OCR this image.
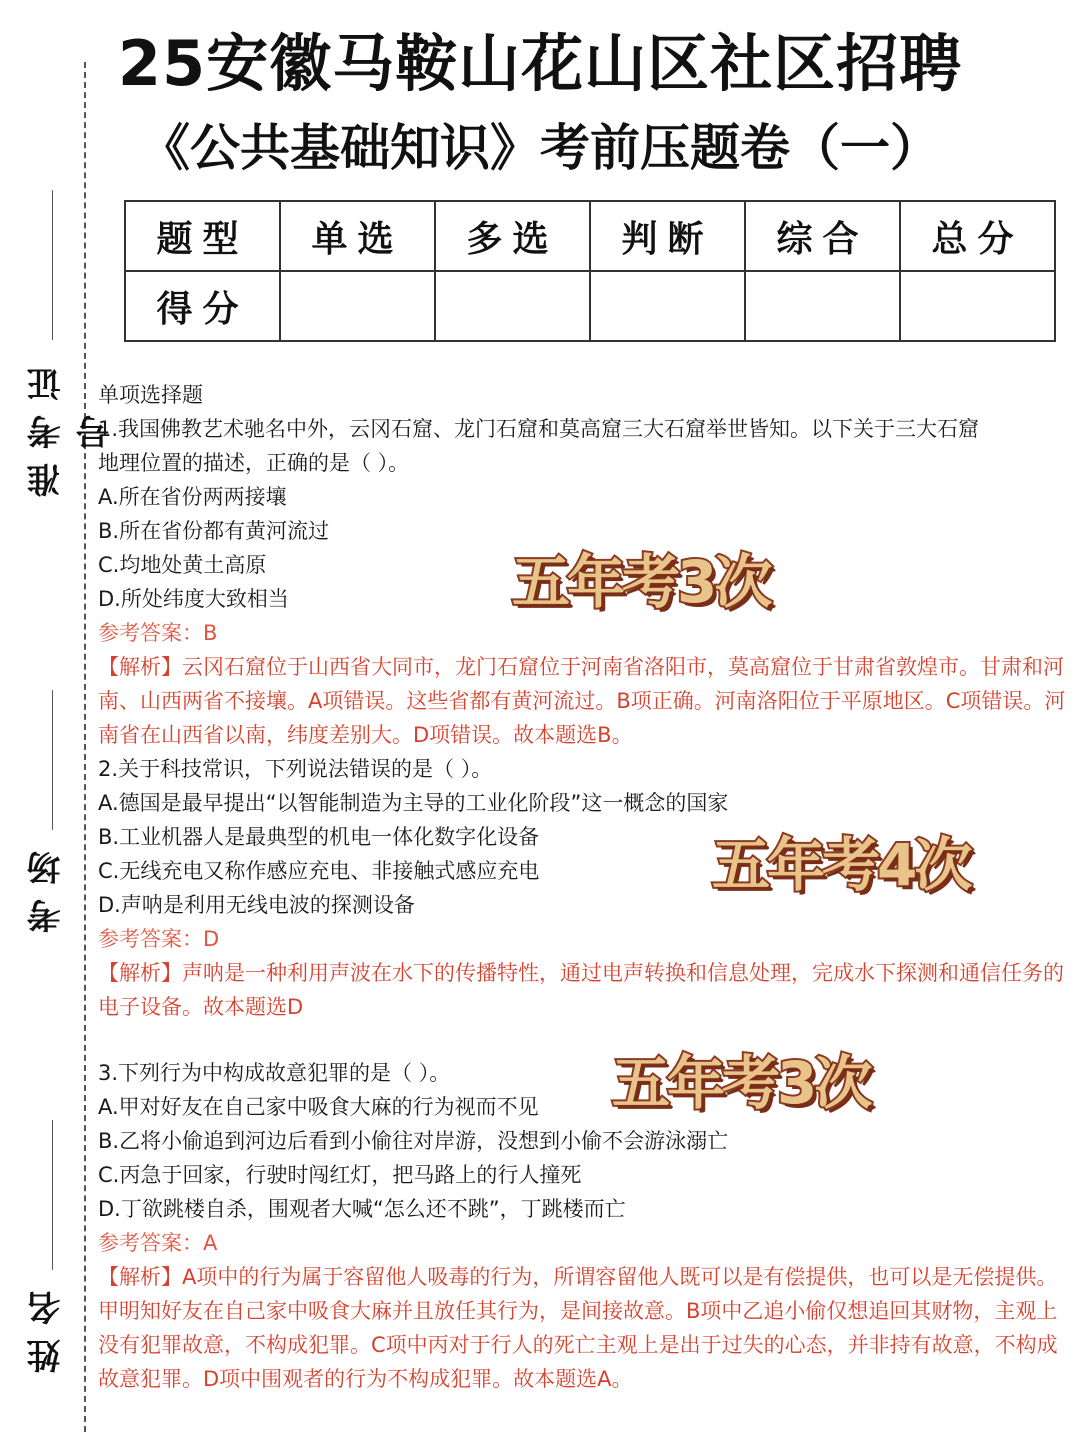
25安徽马鞍山花山区社区招聘
《公共基础知识》考前压题卷（一）
准考证号
考场
姓名
题型	单选	多选	判断	综合	总分
得分					

单项选择题

1.我国佛教艺术驰名中外，云冈石窟、龙门石窟和莫高窟三大石窟举世皆知。以下关于三大石窟

地理位置的描述，正确的是（ ）。

A.所在省份两两接壤

B.所在省份都有黄河流过

C.均地处黄土高原

D.所处纬度大致相当

参考答案：B

【解析】云冈石窟位于山西省大同市，龙门石窟位于河南省洛阳市，莫高窟位于甘肃省敦煌市。甘肃和河南、山西两省不接壤。A项错误。这些省都有黄河流过。B项正确。河南洛阳位于平原地区。C项错误。河南省在山西省以南，纬度差别大。D项错误。故本题选B。

2.关于科技常识，下列说法错误的是（ ）。

A.德国是最早提出“以智能制造为主导的工业化阶段”这一概念的国家

B.工业机器人是最典型的机电一体化数字化设备

C.无线充电又称作感应充电、非接触式感应充电

D.声呐是利用无线电波的探测设备

参考答案：D

【解析】声呐是一种利用声波在水下的传播特性，通过电声转换和信息处理，完成水下探测和通信任务的电子设备。故本题选D

3.下列行为中构成故意犯罪的是（ ）。

A.甲对好友在自己家中吸食大麻的行为视而不见

B.乙将小偷追到河边后看到小偷往对岸游，没想到小偷不会游泳溺亡

C.丙急于回家，行驶时闯红灯，把马路上的行人撞死

D.丁欲跳楼自杀，围观者大喊“怎么还不跳”，丁跳楼而亡

参考答案：A

【解析】A项中的行为属于容留他人吸毒的行为，所谓容留他人既可以是有偿提供，也可以是无偿提供。甲明知好友在自己家中吸食大麻并且放任其行为，是间接故意。B项中乙追小偷仅想追回其财物，主观上没有犯罪故意，不构成犯罪。C项中丙对于行人的死亡主观上是出于过失的心态，并非持有故意，不构成故意犯罪。D项中围观者的行为不构成犯罪。故本题选A。

五年考3次
五年考4次
五年考3次
